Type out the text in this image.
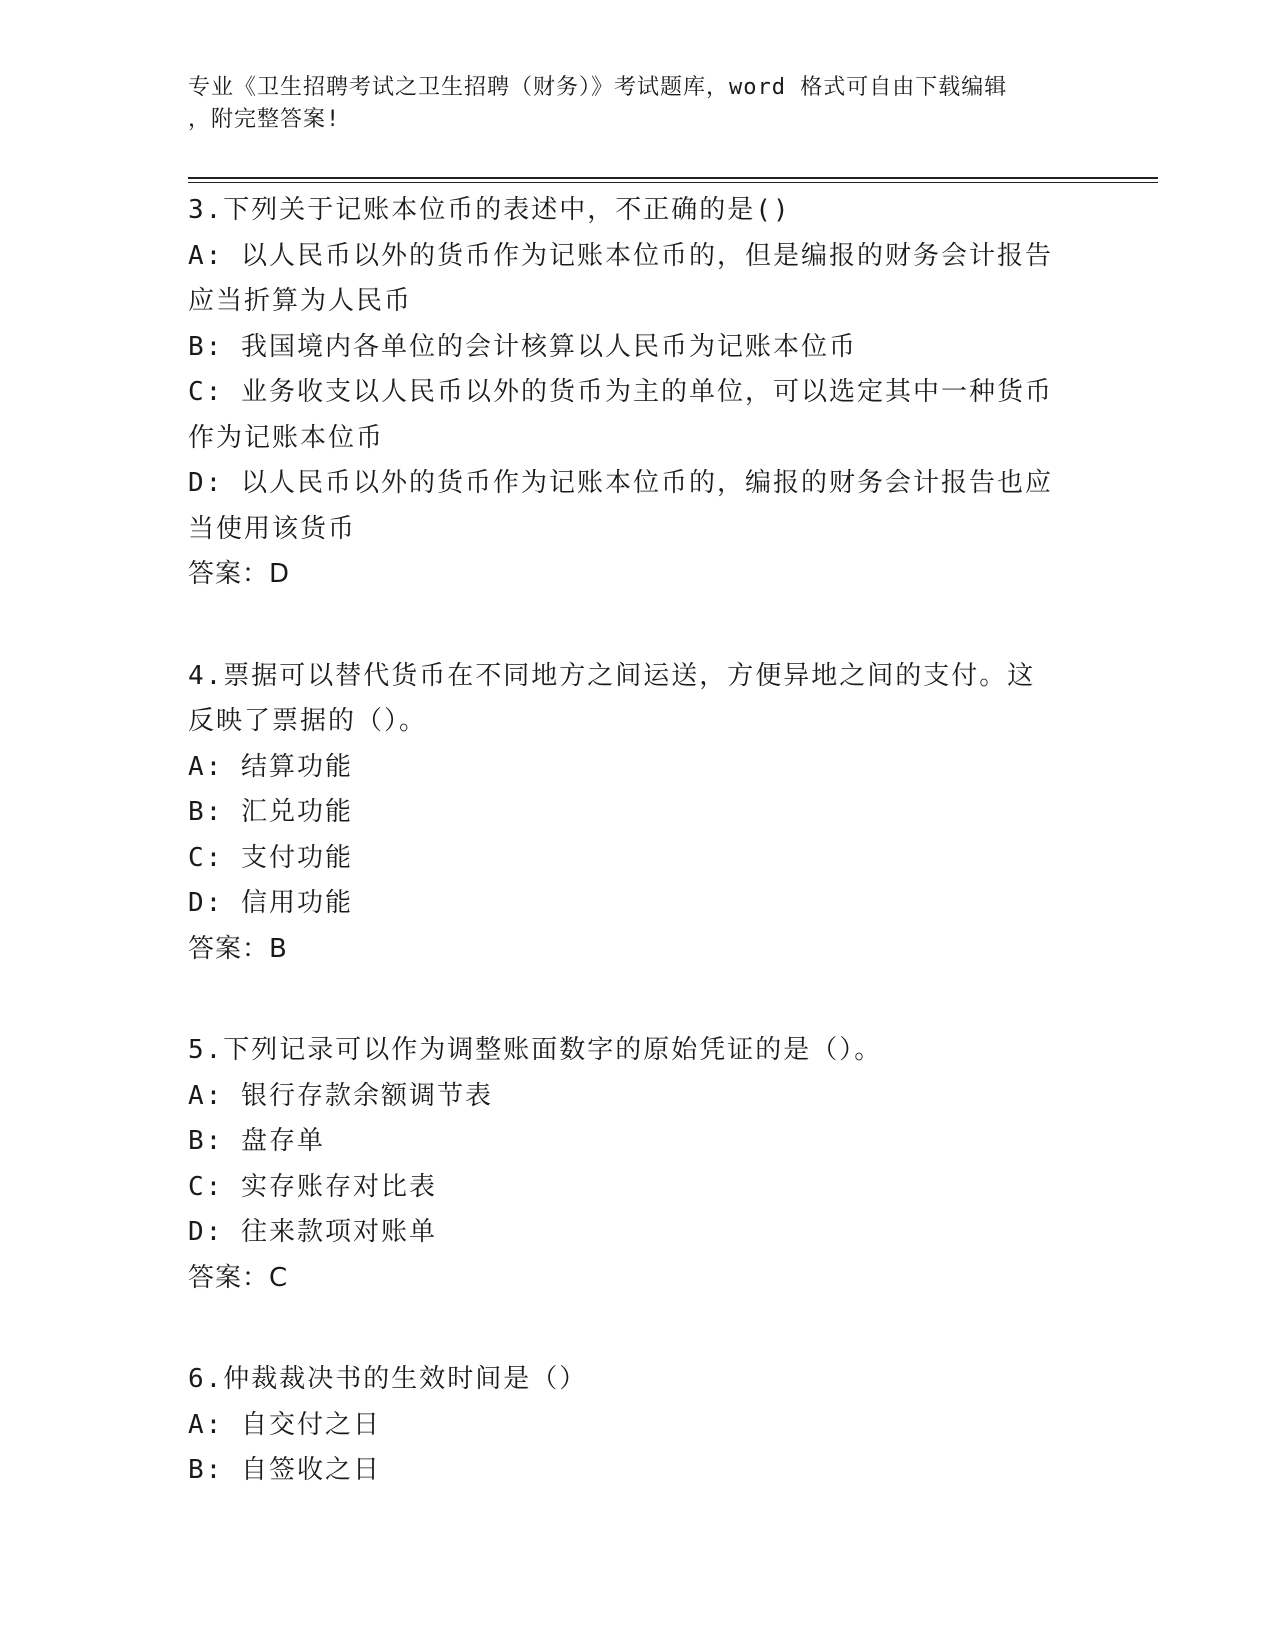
专业《卫生招聘考试之卫生招聘（财务）》考试题库，word 格式可自由下载编辑
，附完整答案!
3.下列关于记账本位币的表述中，不正确的是()
A: 以人民币以外的货币作为记账本位币的，但是编报的财务会计报告
应当折算为人民币
B: 我国境内各单位的会计核算以人民币为记账本位币
C: 业务收支以人民币以外的货币为主的单位，可以选定其中一种货币
作为记账本位币
D: 以人民币以外的货币作为记账本位币的，编报的财务会计报告也应
当使用该货币
答案：D
4.票据可以替代货币在不同地方之间运送，方便异地之间的支付。这
反映了票据的（）。
A: 结算功能
B: 汇兑功能
C: 支付功能
D: 信用功能
答案：B
5.下列记录可以作为调整账面数字的原始凭证的是（）。
A: 银行存款余额调节表
B: 盘存单
C: 实存账存对比表
D: 往来款项对账单
答案：C
6.仲裁裁决书的生效时间是（）
A: 自交付之日
B: 自签收之日
